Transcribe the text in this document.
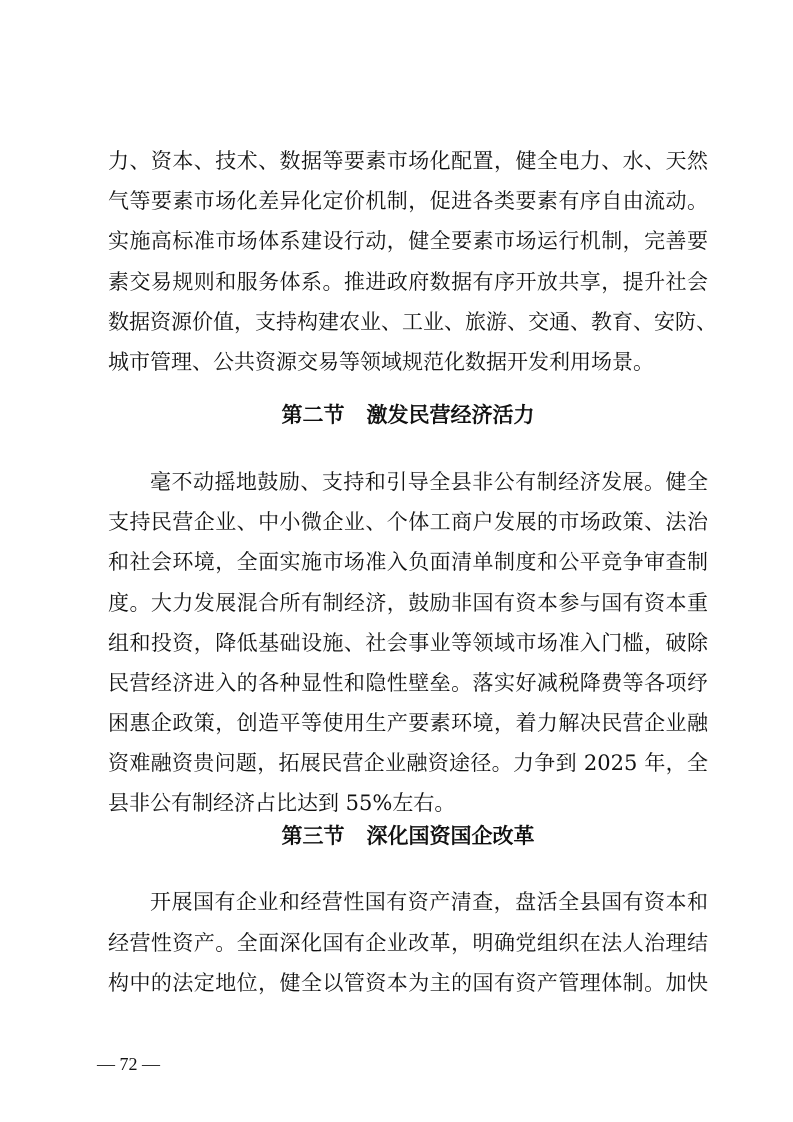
力、资本、技术、数据等要素市场化配置，健全电力、水、天然
气等要素市场化差异化定价机制，促进各类要素有序自由流动。
实施高标准市场体系建设行动，健全要素市场运行机制，完善要
素交易规则和服务体系。推进政府数据有序开放共享，提升社会
数据资源价值，支持构建农业、工业、旅游、交通、教育、安防、
城市管理、公共资源交易等领域规范化数据开发利用场景。
第二节   激发民营经济活力
毫不动摇地鼓励、支持和引导全县非公有制经济发展。健全
支持民营企业、中小微企业、个体工商户发展的市场政策、法治
和社会环境，全面实施市场准入负面清单制度和公平竞争审查制
度。大力发展混合所有制经济，鼓励非国有资本参与国有资本重
组和投资，降低基础设施、社会事业等领域市场准入门槛，破除
民营经济进入的各种显性和隐性壁垒。落实好减税降费等各项纾
困惠企政策，创造平等使用生产要素环境，着力解决民营企业融
资难融资贵问题，拓展民营企业融资途径。力争到 2025 年，全
县非公有制经济占比达到 55%左右。
第三节   深化国资国企改革
开展国有企业和经营性国有资产清查，盘活全县国有资本和
经营性资产。全面深化国有企业改革，明确党组织在法人治理结
构中的法定地位，健全以管资本为主的国有资产管理体制。加快
— 72 —
